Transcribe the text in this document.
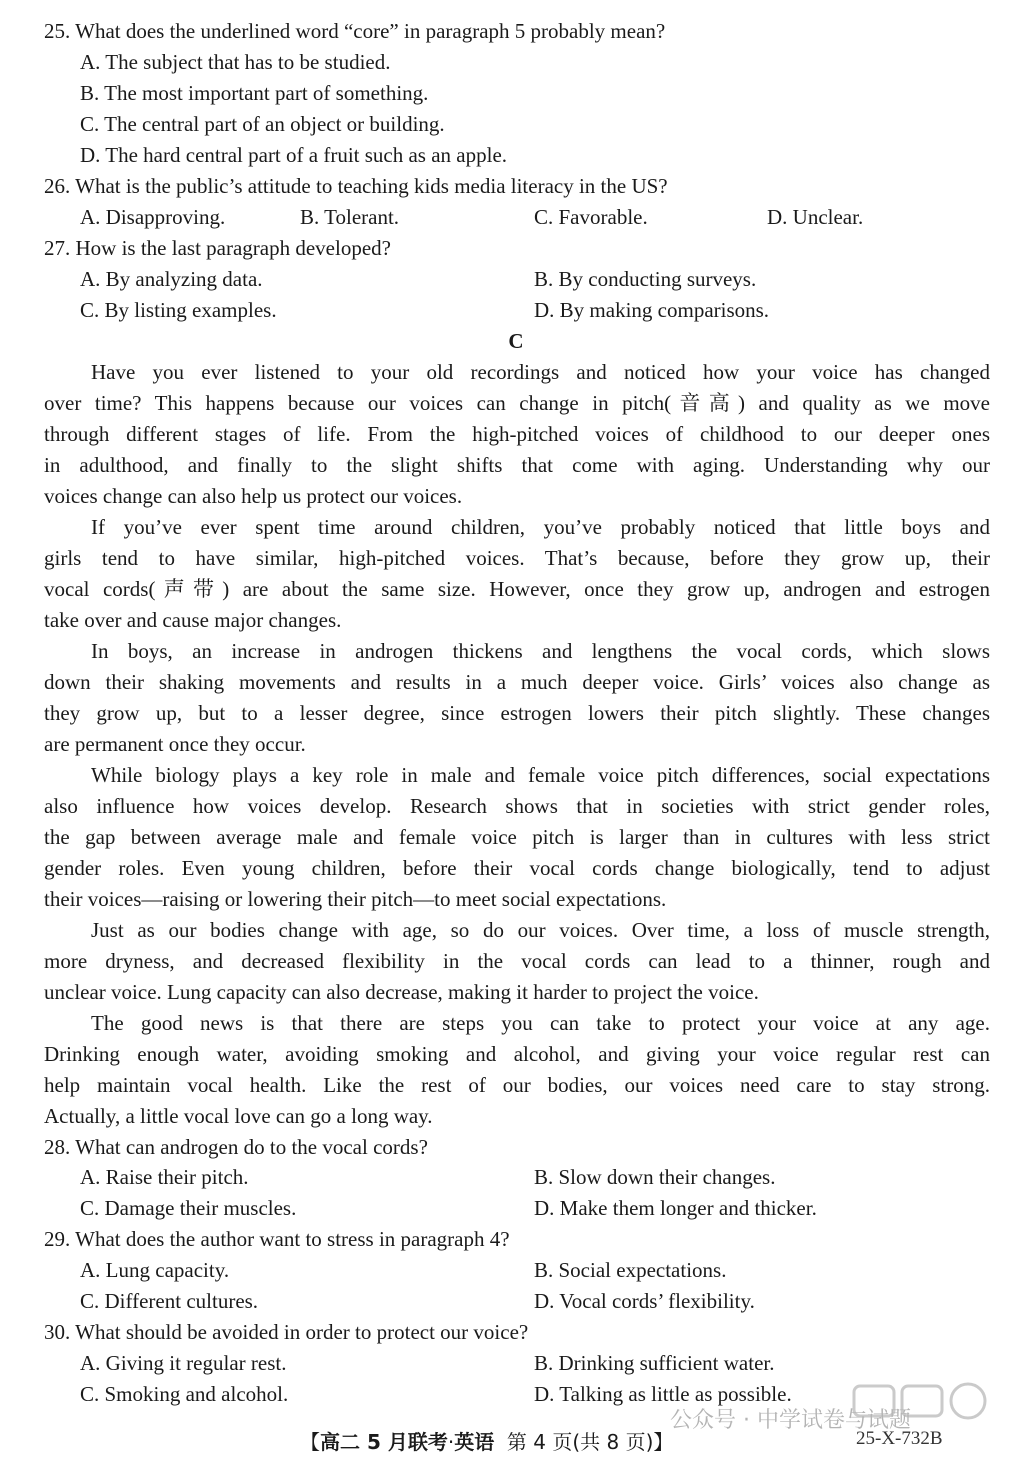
25. What does the underlined word “core” in paragraph 5 probably mean?
A. The subject that has to be studied.
B. The most important part of something.
C. The central part of an object or building.
D. The hard central part of a fruit such as an apple.
26. What is the public’s attitude to teaching kids media literacy in the US?
A. Disapproving.	B. Tolerant.	C. Favorable.	D. Unclear.
27. How is the last paragraph developed?
A. By analyzing data.	B. By conducting surveys.
C. By listing examples.	D. By making comparisons.
C
Have you ever listened to your old recordings and noticed how your voice has changed
over time? This happens because our voices can change in pitch(音高) and quality as we move
through different stages of life. From the high-pitched voices of childhood to our deeper ones
in adulthood, and finally to the slight shifts that come with aging. Understanding why our
voices change can also help us protect our voices.
If you’ve ever spent time around children, you’ve probably noticed that little boys and
girls tend to have similar, high-pitched voices. That’s because, before they grow up, their
vocal cords(声带) are about the same size. However, once they grow up, androgen and estrogen
take over and cause major changes.
In boys, an increase in androgen thickens and lengthens the vocal cords, which slows
down their shaking movements and results in a much deeper voice. Girls’ voices also change as
they grow up, but to a lesser degree, since estrogen lowers their pitch slightly. These changes
are permanent once they occur.
While biology plays a key role in male and female voice pitch differences, social expectations
also influence how voices develop. Research shows that in societies with strict gender roles,
the gap between average male and female voice pitch is larger than in cultures with less strict
gender roles. Even young children, before their vocal cords change biologically, tend to adjust
their voices—raising or lowering their pitch—to meet social expectations.
Just as our bodies change with age, so do our voices. Over time, a loss of muscle strength,
more dryness, and decreased flexibility in the vocal cords can lead to a thinner, rough and
unclear voice. Lung capacity can also decrease, making it harder to project the voice.
The good news is that there are steps you can take to protect your voice at any age.
Drinking enough water, avoiding smoking and alcohol, and giving your voice regular rest can
help maintain vocal health. Like the rest of our bodies, our voices need care to stay strong.
Actually, a little vocal love can go a long way.
28. What can androgen do to the vocal cords?
A. Raise their pitch.	B. Slow down their changes.
C. Damage their muscles.	D. Make them longer and thicker.
29. What does the author want to stress in paragraph 4?
A. Lung capacity.	B. Social expectations.
C. Different cultures.	D. Vocal cords’ flexibility.
30. What should be avoided in order to protect our voice?
A. Giving it regular rest.	B. Drinking sufficient water.
C. Smoking and alcohol.	D. Talking as little as possible.
公众号 · 中学试卷与试题
【高二 5 月联考·英语 第 4 页(共 8 页)】	25-X-732B
